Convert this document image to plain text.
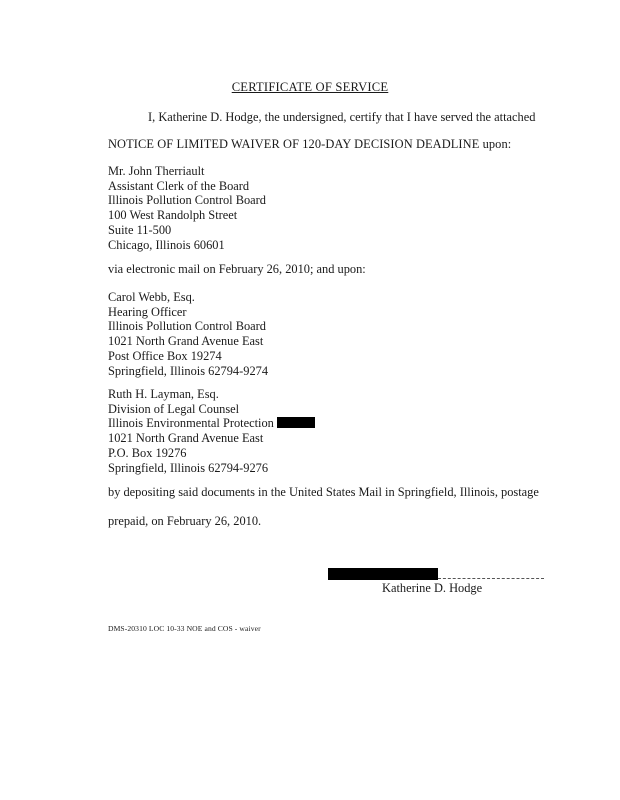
CERTIFICATE OF SERVICE
I, Katherine D. Hodge, the undersigned, certify that I have served the attached
NOTICE OF LIMITED WAIVER OF 120-DAY DECISION DEADLINE upon:
Mr. John Therriault
Assistant Clerk of the Board
Illinois Pollution Control Board
100 West Randolph Street
Suite 11-500
Chicago, Illinois 60601
via electronic mail on February 26, 2010; and upon:
Carol Webb, Esq.
Hearing Officer
Illinois Pollution Control Board
1021 North Grand Avenue East
Post Office Box 19274
Springfield, Illinois 62794-9274
Ruth H. Layman, Esq.
Division of Legal Counsel
Illinois Environmental Protection
1021 North Grand Avenue East
P.O. Box 19276
Springfield, Illinois 62794-9276
by depositing said documents in the United States Mail in Springfield, Illinois, postage
prepaid, on February 26, 2010.
Katherine D. Hodge
DMS-20310 LOC 10-33 NOE and COS - waiver
